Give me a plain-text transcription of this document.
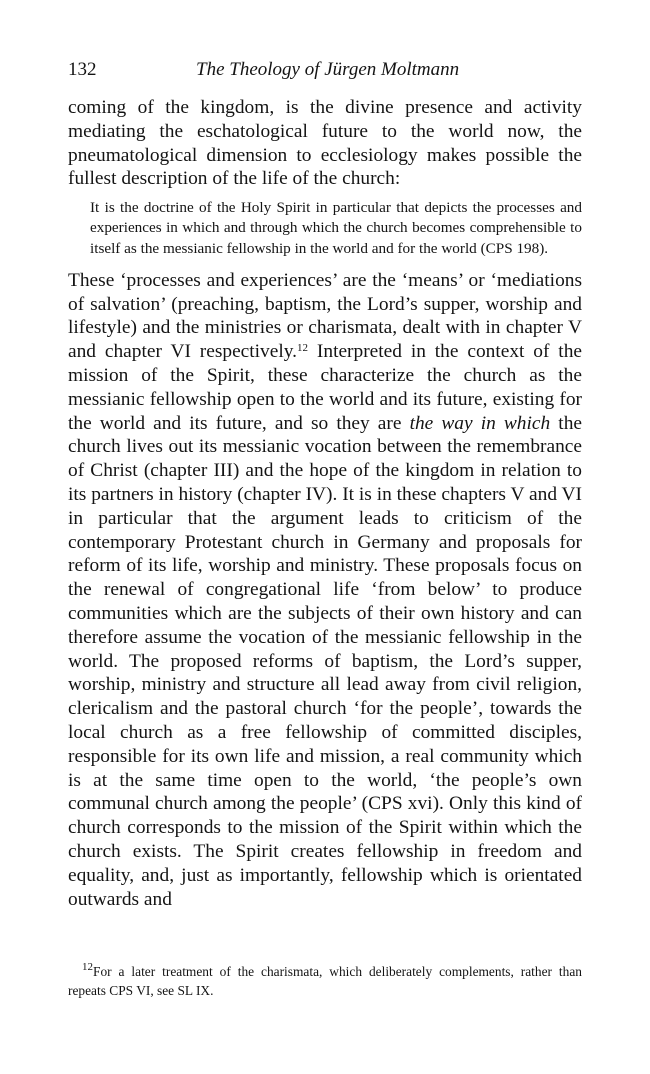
132	The Theology of Jürgen Moltmann

coming of the kingdom, is the divine presence and activity mediating the eschatological future to the world now, the pneumatological dimension to ecclesiology makes possible the fullest description of the life of the church:

It is the doctrine of the Holy Spirit in particular that depicts the processes and experiences in which and through which the church becomes comprehensible to itself as the messianic fellowship in the world and for the world (CPS 198).

These ‘processes and experiences’ are the ‘means’ or ‘mediations of salvation’ (preaching, baptism, the Lord’s supper, worship and lifestyle) and the ministries or charismata, dealt with in chapter V and chapter VI respectively.$^{12}$ Interpreted in the context of the mission of the Spirit, these characterize the church as the messianic fellowship open to the world and its future, existing for the world and its future, and so they are the way in which the church lives out its messianic vocation between the remembrance of Christ (chapter III) and the hope of the kingdom in relation to its partners in history (chapter IV). It is in these chapters V and VI in particular that the argument leads to criticism of the contemporary Protestant church in Germany and proposals for reform of its life, worship and ministry. These proposals focus on the renewal of congregational life ‘from below’ to produce communities which are the subjects of their own history and can therefore assume the vocation of the messianic fellowship in the world. The proposed reforms of baptism, the Lord’s supper, worship, ministry and structure all lead away from civil religion, clericalism and the pastoral church ‘for the people’, towards the local church as a free fellowship of committed disciples, responsible for its own life and mission, a real community which is at the same time open to the world, ‘the people’s own communal church among the people’ (CPS xvi). Only this kind of church corresponds to the mission of the Spirit within which the church exists. The Spirit creates fellowship in freedom and equality, and, just as importantly, fellowship which is orientated outwards and

$^{12}$For a later treatment of the charismata, which deliberately complements, rather than repeats CPS VI, see SL IX.
